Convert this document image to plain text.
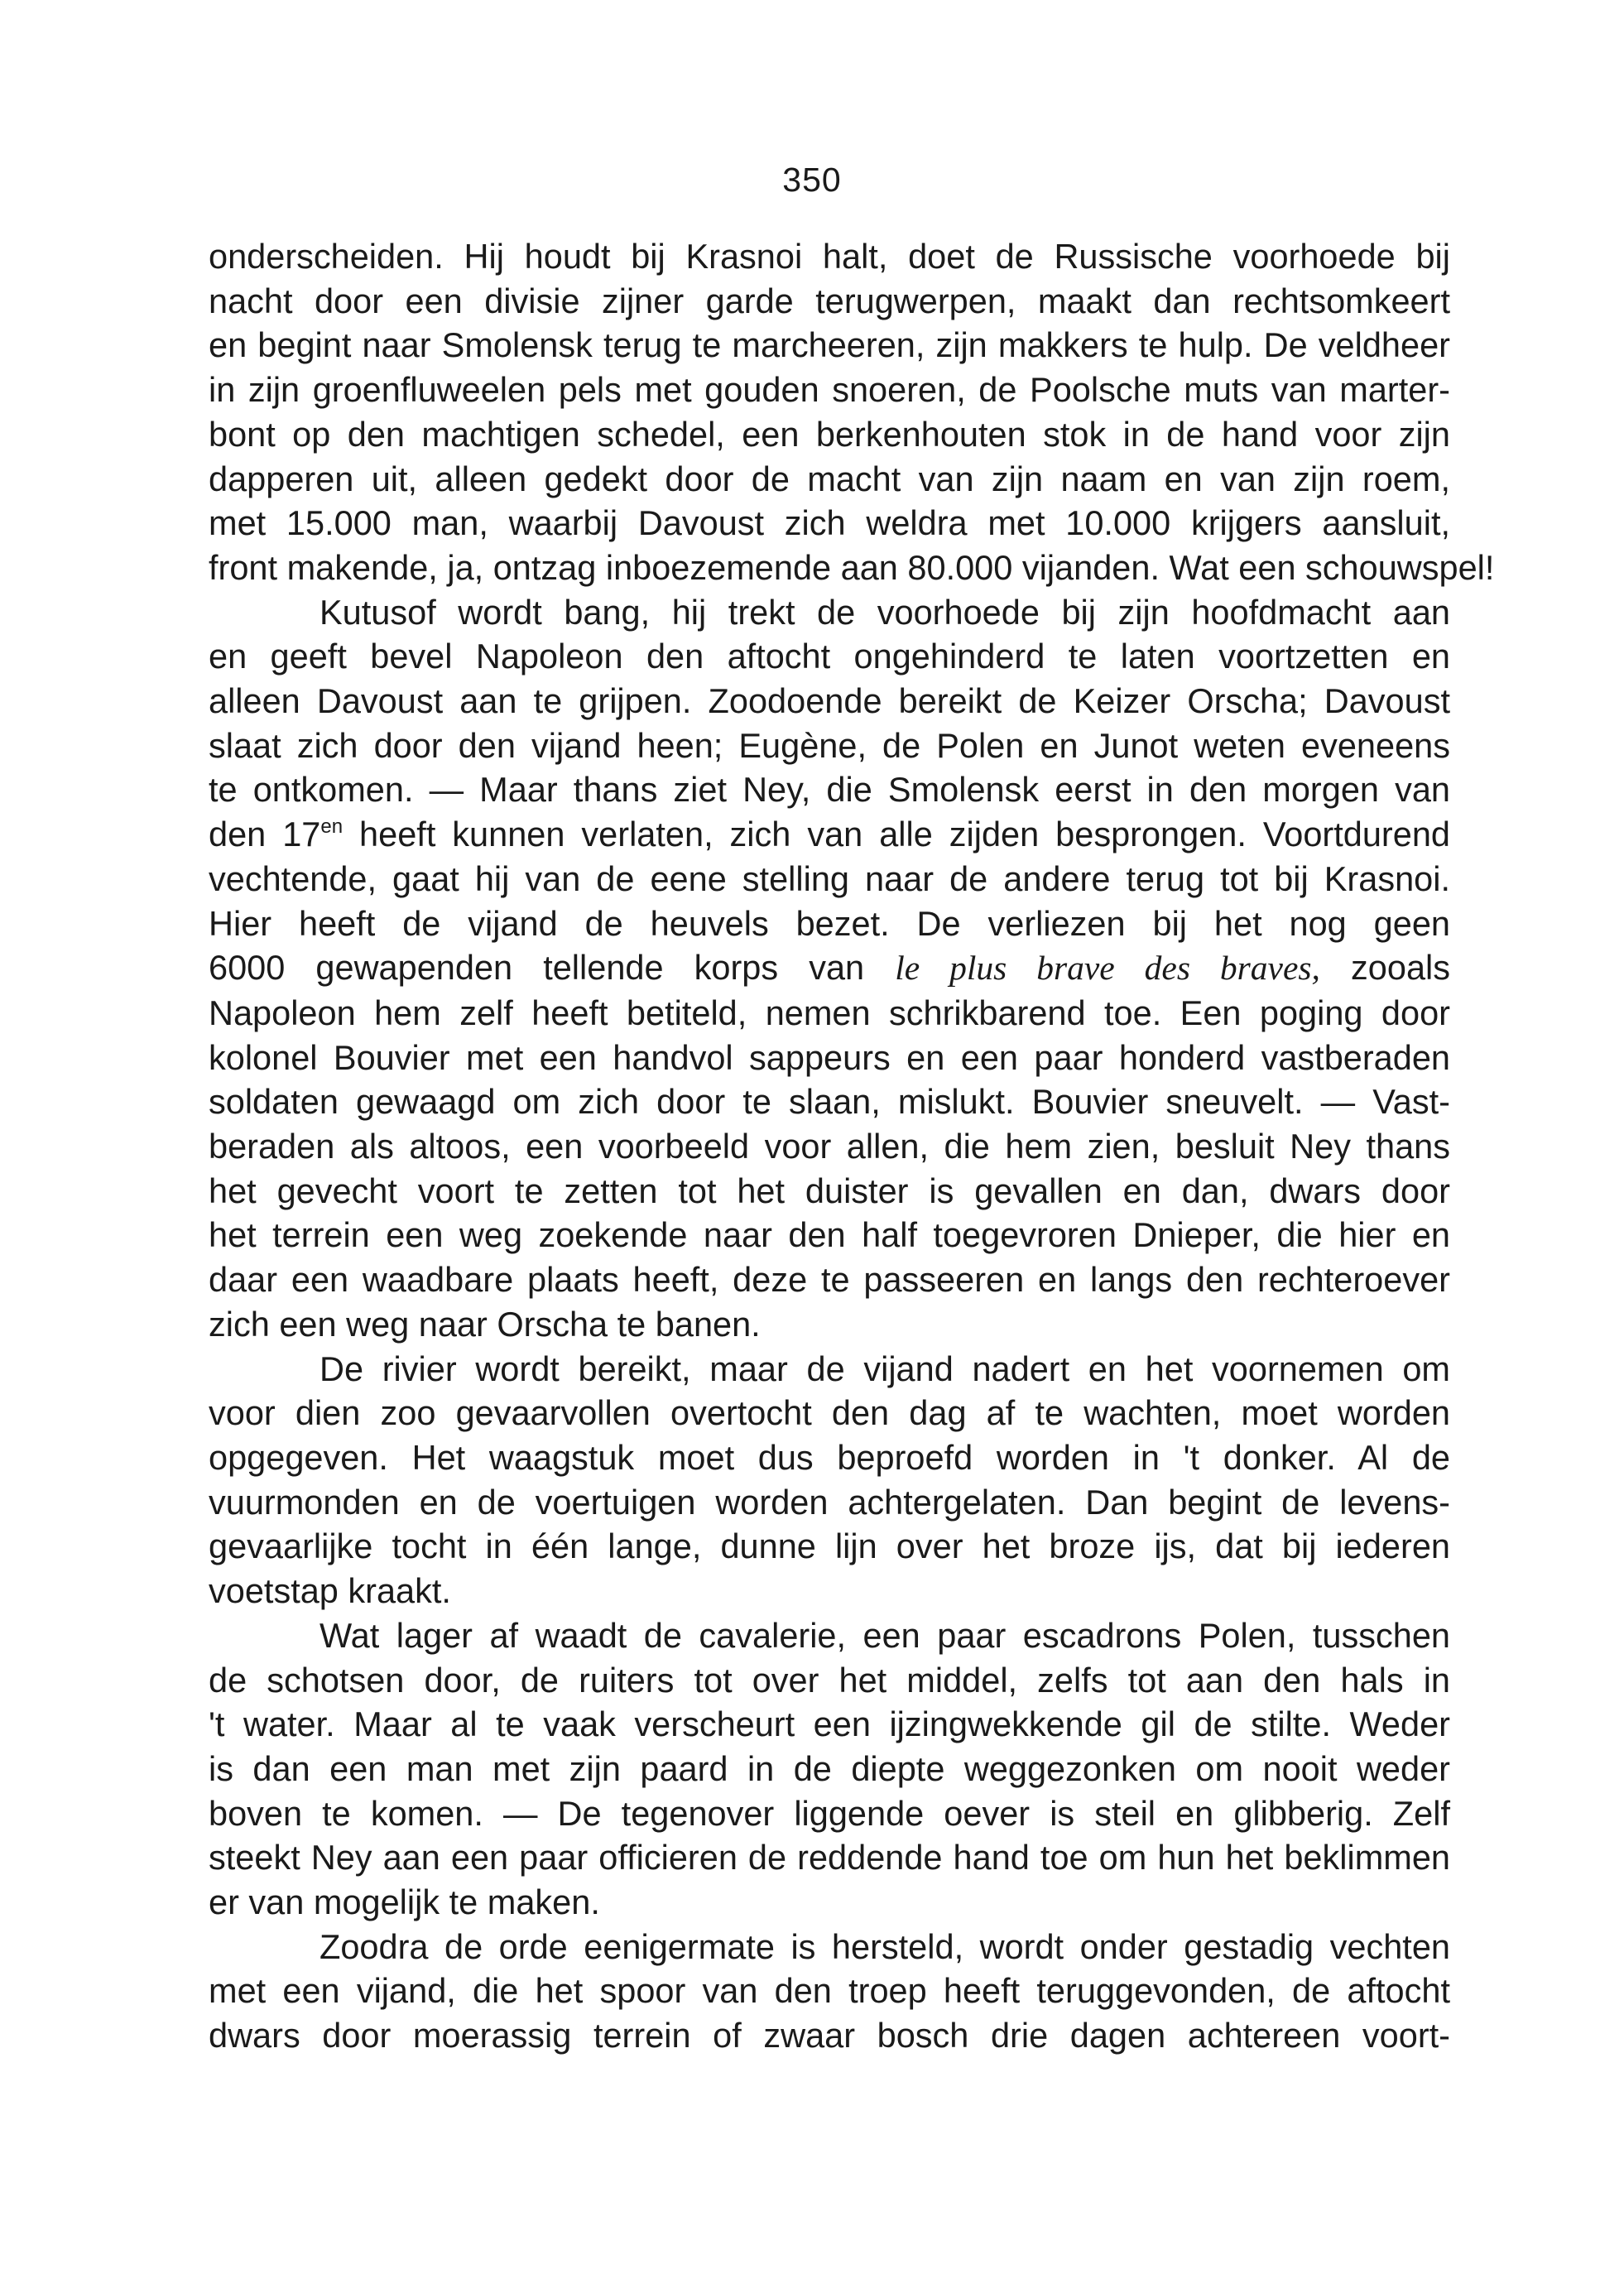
350

onderscheiden. Hij houdt bij Krasnoi halt, doet de Russische voorhoede bij
nacht door een divisie zijner garde terugwerpen, maakt dan rechtsomkeert
en begint naar Smolensk terug te marcheeren, zijn makkers te hulp. De veldheer
in zijn groenfluweelen pels met gouden snoeren, de Poolsche muts van marter-
bont op den machtigen schedel, een berkenhouten stok in de hand voor zijn
dapperen uit, alleen gedekt door de macht van zijn naam en van zijn roem,
met 15.000 man, waarbij Davoust zich weldra met 10.000 krijgers aansluit,
front makende, ja, ontzag inboezemende aan 80.000 vijanden. Wat een schouwspel!

Kutusof wordt bang, hij trekt de voorhoede bij zijn hoofdmacht aan
en geeft bevel Napoleon den aftocht ongehinderd te laten voortzetten en
alleen Davoust aan te grijpen. Zoodoende bereikt de Keizer Orscha; Davoust
slaat zich door den vijand heen; Eugène, de Polen en Junot weten eveneens
te ontkomen. — Maar thans ziet Ney, die Smolensk eerst in den morgen van
den $17^{en}$ heeft kunnen verlaten, zich van alle zijden besprongen. Voortdurend
vechtende, gaat hij van de eene stelling naar de andere terug tot bij Krasnoi.
Hier heeft de vijand de heuvels bezet. De verliezen bij het nog geen
6000 gewapenden tellende korps van le plus brave des braves, zooals
Napoleon hem zelf heeft betiteld, nemen schrikbarend toe. Een poging door
kolonel Bouvier met een handvol sappeurs en een paar honderd vastberaden
soldaten gewaagd om zich door te slaan, mislukt. Bouvier sneuvelt. — Vast-
beraden als altoos, een voorbeeld voor allen, die hem zien, besluit Ney thans
het gevecht voort te zetten tot het duister is gevallen en dan, dwars door
het terrein een weg zoekende naar den half toegevroren Dnieper, die hier en
daar een waadbare plaats heeft, deze te passeeren en langs den rechteroever
zich een weg naar Orscha te banen.

De rivier wordt bereikt, maar de vijand nadert en het voornemen om
voor dien zoo gevaarvollen overtocht den dag af te wachten, moet worden
opgegeven. Het waagstuk moet dus beproefd worden in 't donker. Al de
vuurmonden en de voertuigen worden achtergelaten. Dan begint de levens-
gevaarlijke tocht in één lange, dunne lijn over het broze ijs, dat bij iederen
voetstap kraakt.

Wat lager af waadt de cavalerie, een paar escadrons Polen, tusschen
de schotsen door, de ruiters tot over het middel, zelfs tot aan den hals in
't water. Maar al te vaak verscheurt een ijzingwekkende gil de stilte. Weder
is dan een man met zijn paard in de diepte weggezonken om nooit weder
boven te komen. — De tegenover liggende oever is steil en glibberig. Zelf
steekt Ney aan een paar officieren de reddende hand toe om hun het beklimmen
er van mogelijk te maken.

Zoodra de orde eenigermate is hersteld, wordt onder gestadig vechten
met een vijand, die het spoor van den troep heeft teruggevonden, de aftocht
dwars door moerassig terrein of zwaar bosch drie dagen achtereen voort-
